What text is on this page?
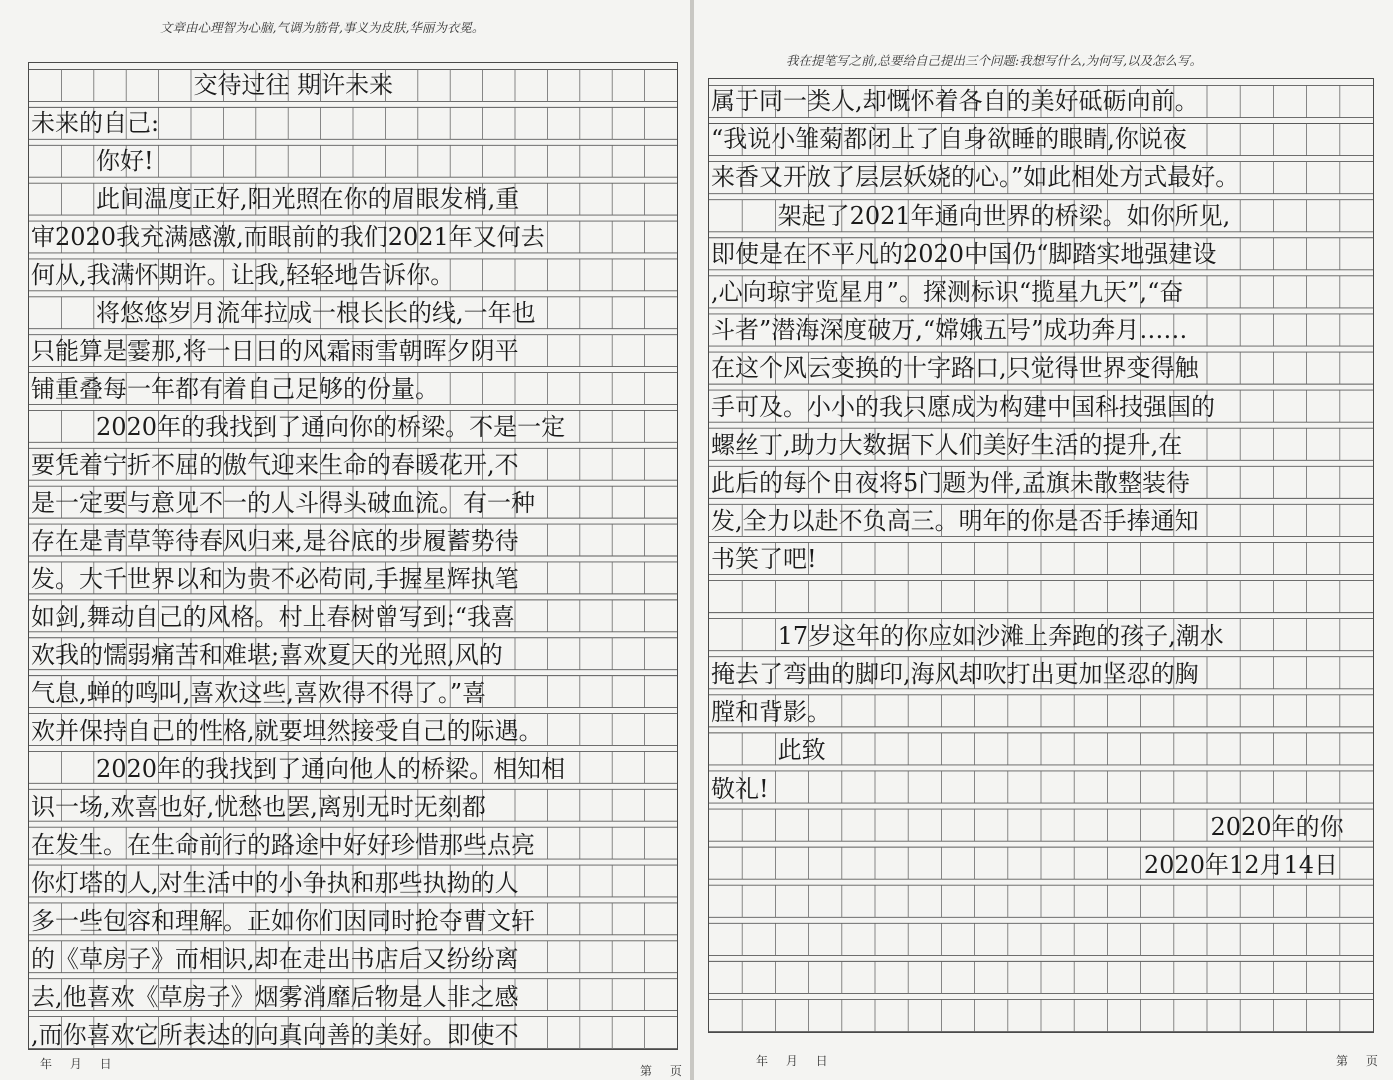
文章由心理智为心脑,气调为筋骨,事义为皮肤,华丽为衣冕。
交待过往 期许未来
未来的自己:
你好!
此间温度正好,阳光照在你的眉眼发梢,重
审2020我充满感激,而眼前的我们2021年又何去
何从,我满怀期许。让我,轻轻地告诉你。
将悠悠岁月流年拉成一根长长的线,一年也
只能算是霎那,将一日日的风霜雨雪朝晖夕阴平
铺重叠每一年都有着自己足够的份量。
2020年的我找到了通向你的桥梁。不是一定
要凭着宁折不屈的傲气迎来生命的春暖花开,不
是一定要与意见不一的人斗得头破血流。有一种
存在是青草等待春风归来,是谷底的步履蓄势待
发。大千世界以和为贵不必苟同,手握星辉执笔
如剑,舞动自己的风格。村上春树曾写到:“我喜
欢我的懦弱痛苦和难堪;喜欢夏天的光照,风的
气息,蝉的鸣叫,喜欢这些,喜欢得不得了。”喜
欢并保持自己的性格,就要坦然接受自己的际遇。
2020年的我找到了通向他人的桥梁。相知相
识一场,欢喜也好,忧愁也罢,离别无时无刻都
在发生。在生命前行的路途中好好珍惜那些点亮
你灯塔的人,对生活中的小争执和那些执拗的人
多一些包容和理解。正如你们因同时抢夺曹文轩
的《草房子》而相识,却在走出书店后又纷纷离
去,他喜欢《草房子》烟雾消靡后物是人非之感
,而你喜欢它所表达的向真向善的美好。即使不
年 月 日	第 页
我在提笔写之前,总要给自己提出三个问题:我想写什么,为何写,以及怎么写。
属于同一类人,却慨怀着各自的美好砥砺向前。
“我说小雏菊都闭上了自身欲睡的眼睛,你说夜
来香又开放了层层妖娆的心。”如此相处方式最好。
架起了2021年通向世界的桥梁。如你所见,
即使是在不平凡的2020中国仍“脚踏实地强建设
,心向琼宇览星月”。探测标识“揽星九天”,“奋
斗者”潜海深度破万,“嫦娥五号”成功奔月……
在这个风云变换的十字路口,只觉得世界变得触
手可及。小小的我只愿成为构建中国科技强国的
螺丝丁,助力大数据下人们美好生活的提升,在
此后的每个日夜将5门题为伴,孟旗未散整装待
发,全力以赴不负高三。明年的你是否手捧通知
书笑了吧!
17岁这年的你应如沙滩上奔跑的孩子,潮水
掩去了弯曲的脚印,海风却吹打出更加坚忍的胸
膛和背影。
此致
敬礼!
2020年的你
2020年12月14日
年 月 日	第 页
